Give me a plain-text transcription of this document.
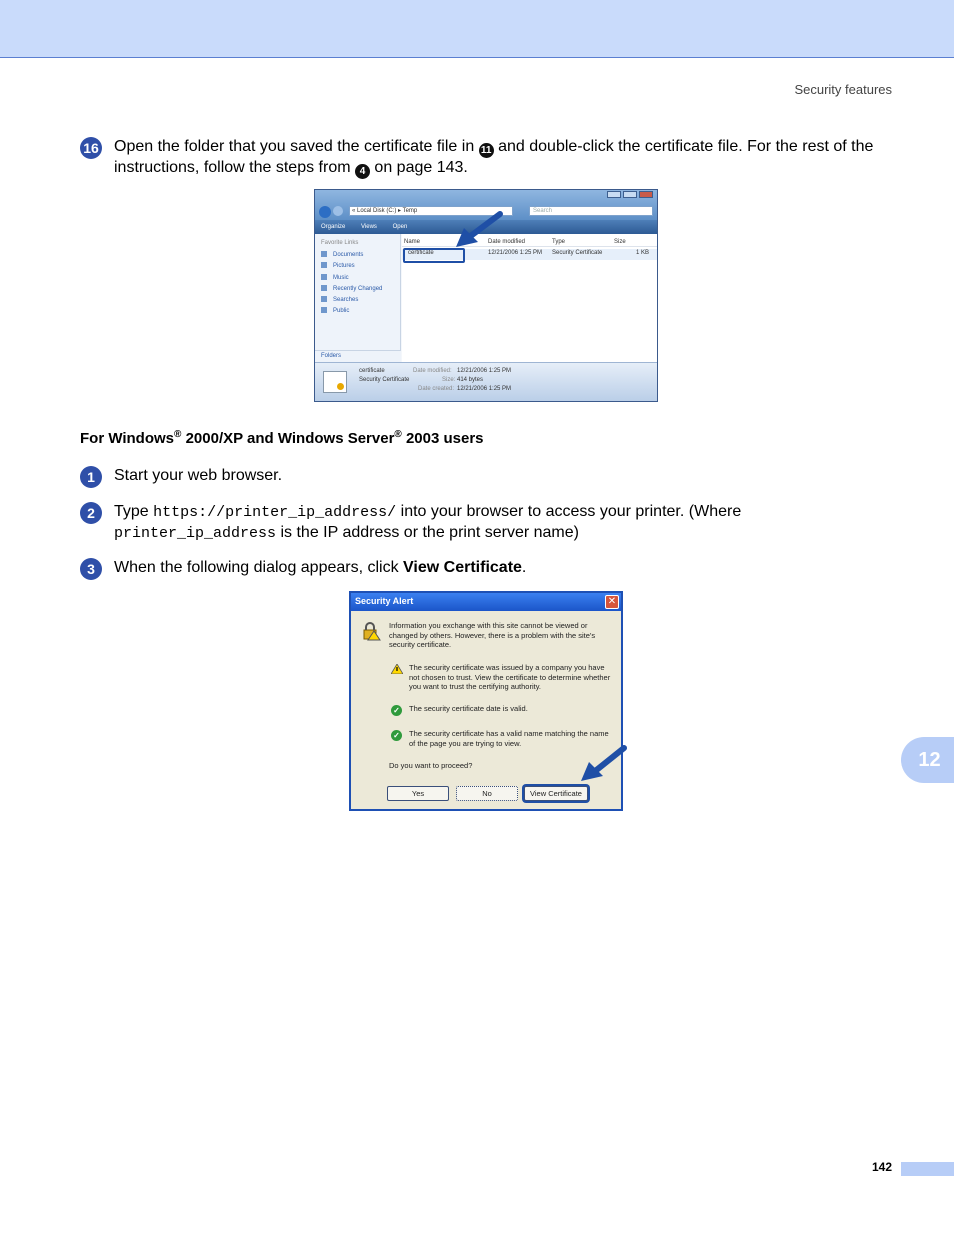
Security features
16 Open the folder that you saved the certificate file in 11 and double-click the certificate file. For the rest of the instructions, follow the steps from 4 on page 143.
« Local Disk (C:) ▸ Temp	Search
Organize	Views	Open
Favorite Links
Documents
Pictures
Music
Recently Changed
Searches
Public
Folders
Name	Date modified	Type	Size
certificate	12/21/2006 1:25 PM Security Certificate	1 KB
certificate
Security Certificate
Date modified: 12/21/2006 1:25 PM
Size: 414 bytes
Date created: 12/21/2006 1:25 PM
For Windows® 2000/XP and Windows Server® 2003 users
1	Start your web browser.
2	Type https://printer_ip_address/ into your browser to access your printer. (Where printer_ip_address is the IP address or the print server name)
3	When the following dialog appears, click View Certificate.
Security Alert	✕
Information you exchange with this site cannot be viewed or changed by others. However, there is a problem with the site's security certificate.
The security certificate was issued by a company you have not chosen to trust. View the certificate to determine whether you want to trust the certifying authority.
✓ The security certificate date is valid.
✓ The security certificate has a valid name matching the name of the page you are trying to view.
Do you want to proceed?
Yes	No	View Certificate
12
142
